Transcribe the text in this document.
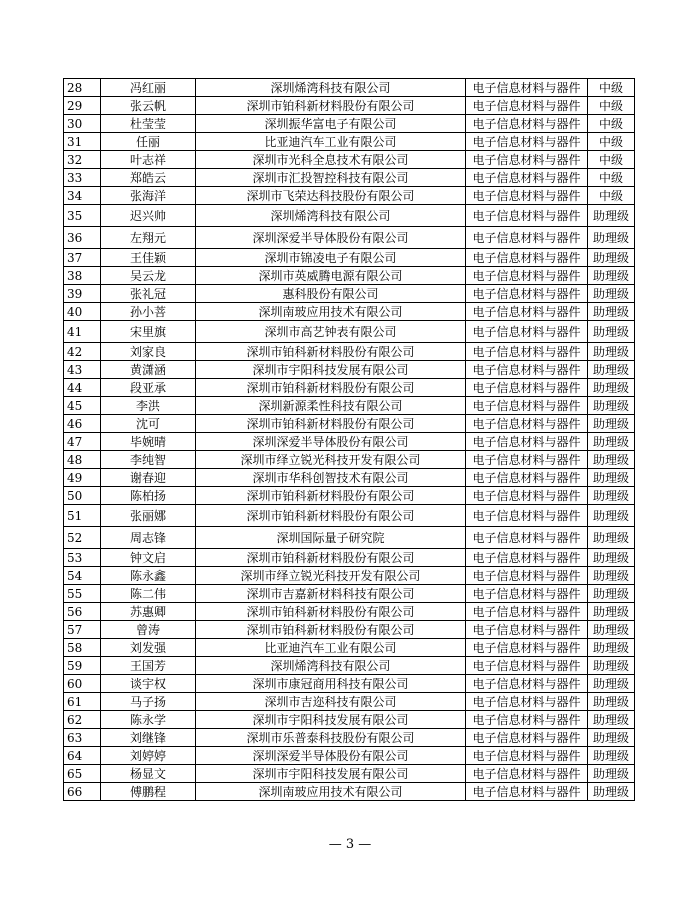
28	冯红丽	深圳烯湾科技有限公司	电子信息材料与器件	中级
29	张云帆	深圳市铂科新材料股份有限公司	电子信息材料与器件	中级
30	杜莹莹	深圳振华富电子有限公司	电子信息材料与器件	中级
31	任丽	比亚迪汽车工业有限公司	电子信息材料与器件	中级
32	叶志祥	深圳市光科全息技术有限公司	电子信息材料与器件	中级
33	郑皓云	深圳市汇投智控科技有限公司	电子信息材料与器件	中级
34	张海洋	深圳市飞荣达科技股份有限公司	电子信息材料与器件	中级
35	迟兴帅	深圳烯湾科技有限公司	电子信息材料与器件	助理级
36	左翔元	深圳深爱半导体股份有限公司	电子信息材料与器件	助理级
37	王佳颖	深圳市锦凌电子有限公司	电子信息材料与器件	助理级
38	吴云龙	深圳市英威腾电源有限公司	电子信息材料与器件	助理级
39	张礼冠	惠科股份有限公司	电子信息材料与器件	助理级
40	孙小菩	深圳南玻应用技术有限公司	电子信息材料与器件	助理级
41	宋里旗	深圳市高艺钟表有限公司	电子信息材料与器件	助理级
42	刘家良	深圳市铂科新材料股份有限公司	电子信息材料与器件	助理级
43	黄潇涵	深圳市宇阳科技发展有限公司	电子信息材料与器件	助理级
44	段亚承	深圳市铂科新材料股份有限公司	电子信息材料与器件	助理级
45	李洪	深圳新源柔性科技有限公司	电子信息材料与器件	助理级
46	沈可	深圳市铂科新材料股份有限公司	电子信息材料与器件	助理级
47	毕婉晴	深圳深爱半导体股份有限公司	电子信息材料与器件	助理级
48	李纯智	深圳市绎立锐光科技开发有限公司	电子信息材料与器件	助理级
49	谢春迎	深圳市华科创智技术有限公司	电子信息材料与器件	助理级
50	陈柏扬	深圳市铂科新材料股份有限公司	电子信息材料与器件	助理级
51	张丽娜	深圳市铂科新材料股份有限公司	电子信息材料与器件	助理级
52	周志锋	深圳国际量子研究院	电子信息材料与器件	助理级
53	钟文启	深圳市铂科新材料股份有限公司	电子信息材料与器件	助理级
54	陈永鑫	深圳市绎立锐光科技开发有限公司	电子信息材料与器件	助理级
55	陈二伟	深圳市吉嘉新材料科技有限公司	电子信息材料与器件	助理级
56	苏惠卿	深圳市铂科新材料股份有限公司	电子信息材料与器件	助理级
57	曾涛	深圳市铂科新材料股份有限公司	电子信息材料与器件	助理级
58	刘发强	比亚迪汽车工业有限公司	电子信息材料与器件	助理级
59	王国芳	深圳烯湾科技有限公司	电子信息材料与器件	助理级
60	谈宇权	深圳市康冠商用科技有限公司	电子信息材料与器件	助理级
61	马子扬	深圳市吉迩科技有限公司	电子信息材料与器件	助理级
62	陈永学	深圳市宇阳科技发展有限公司	电子信息材料与器件	助理级
63	刘继锋	深圳市乐普泰科技股份有限公司	电子信息材料与器件	助理级
64	刘婷婷	深圳深爱半导体股份有限公司	电子信息材料与器件	助理级
65	杨显文	深圳市宇阳科技发展有限公司	电子信息材料与器件	助理级
66	傅鹏程	深圳南玻应用技术有限公司	电子信息材料与器件	助理级
— 3 —
